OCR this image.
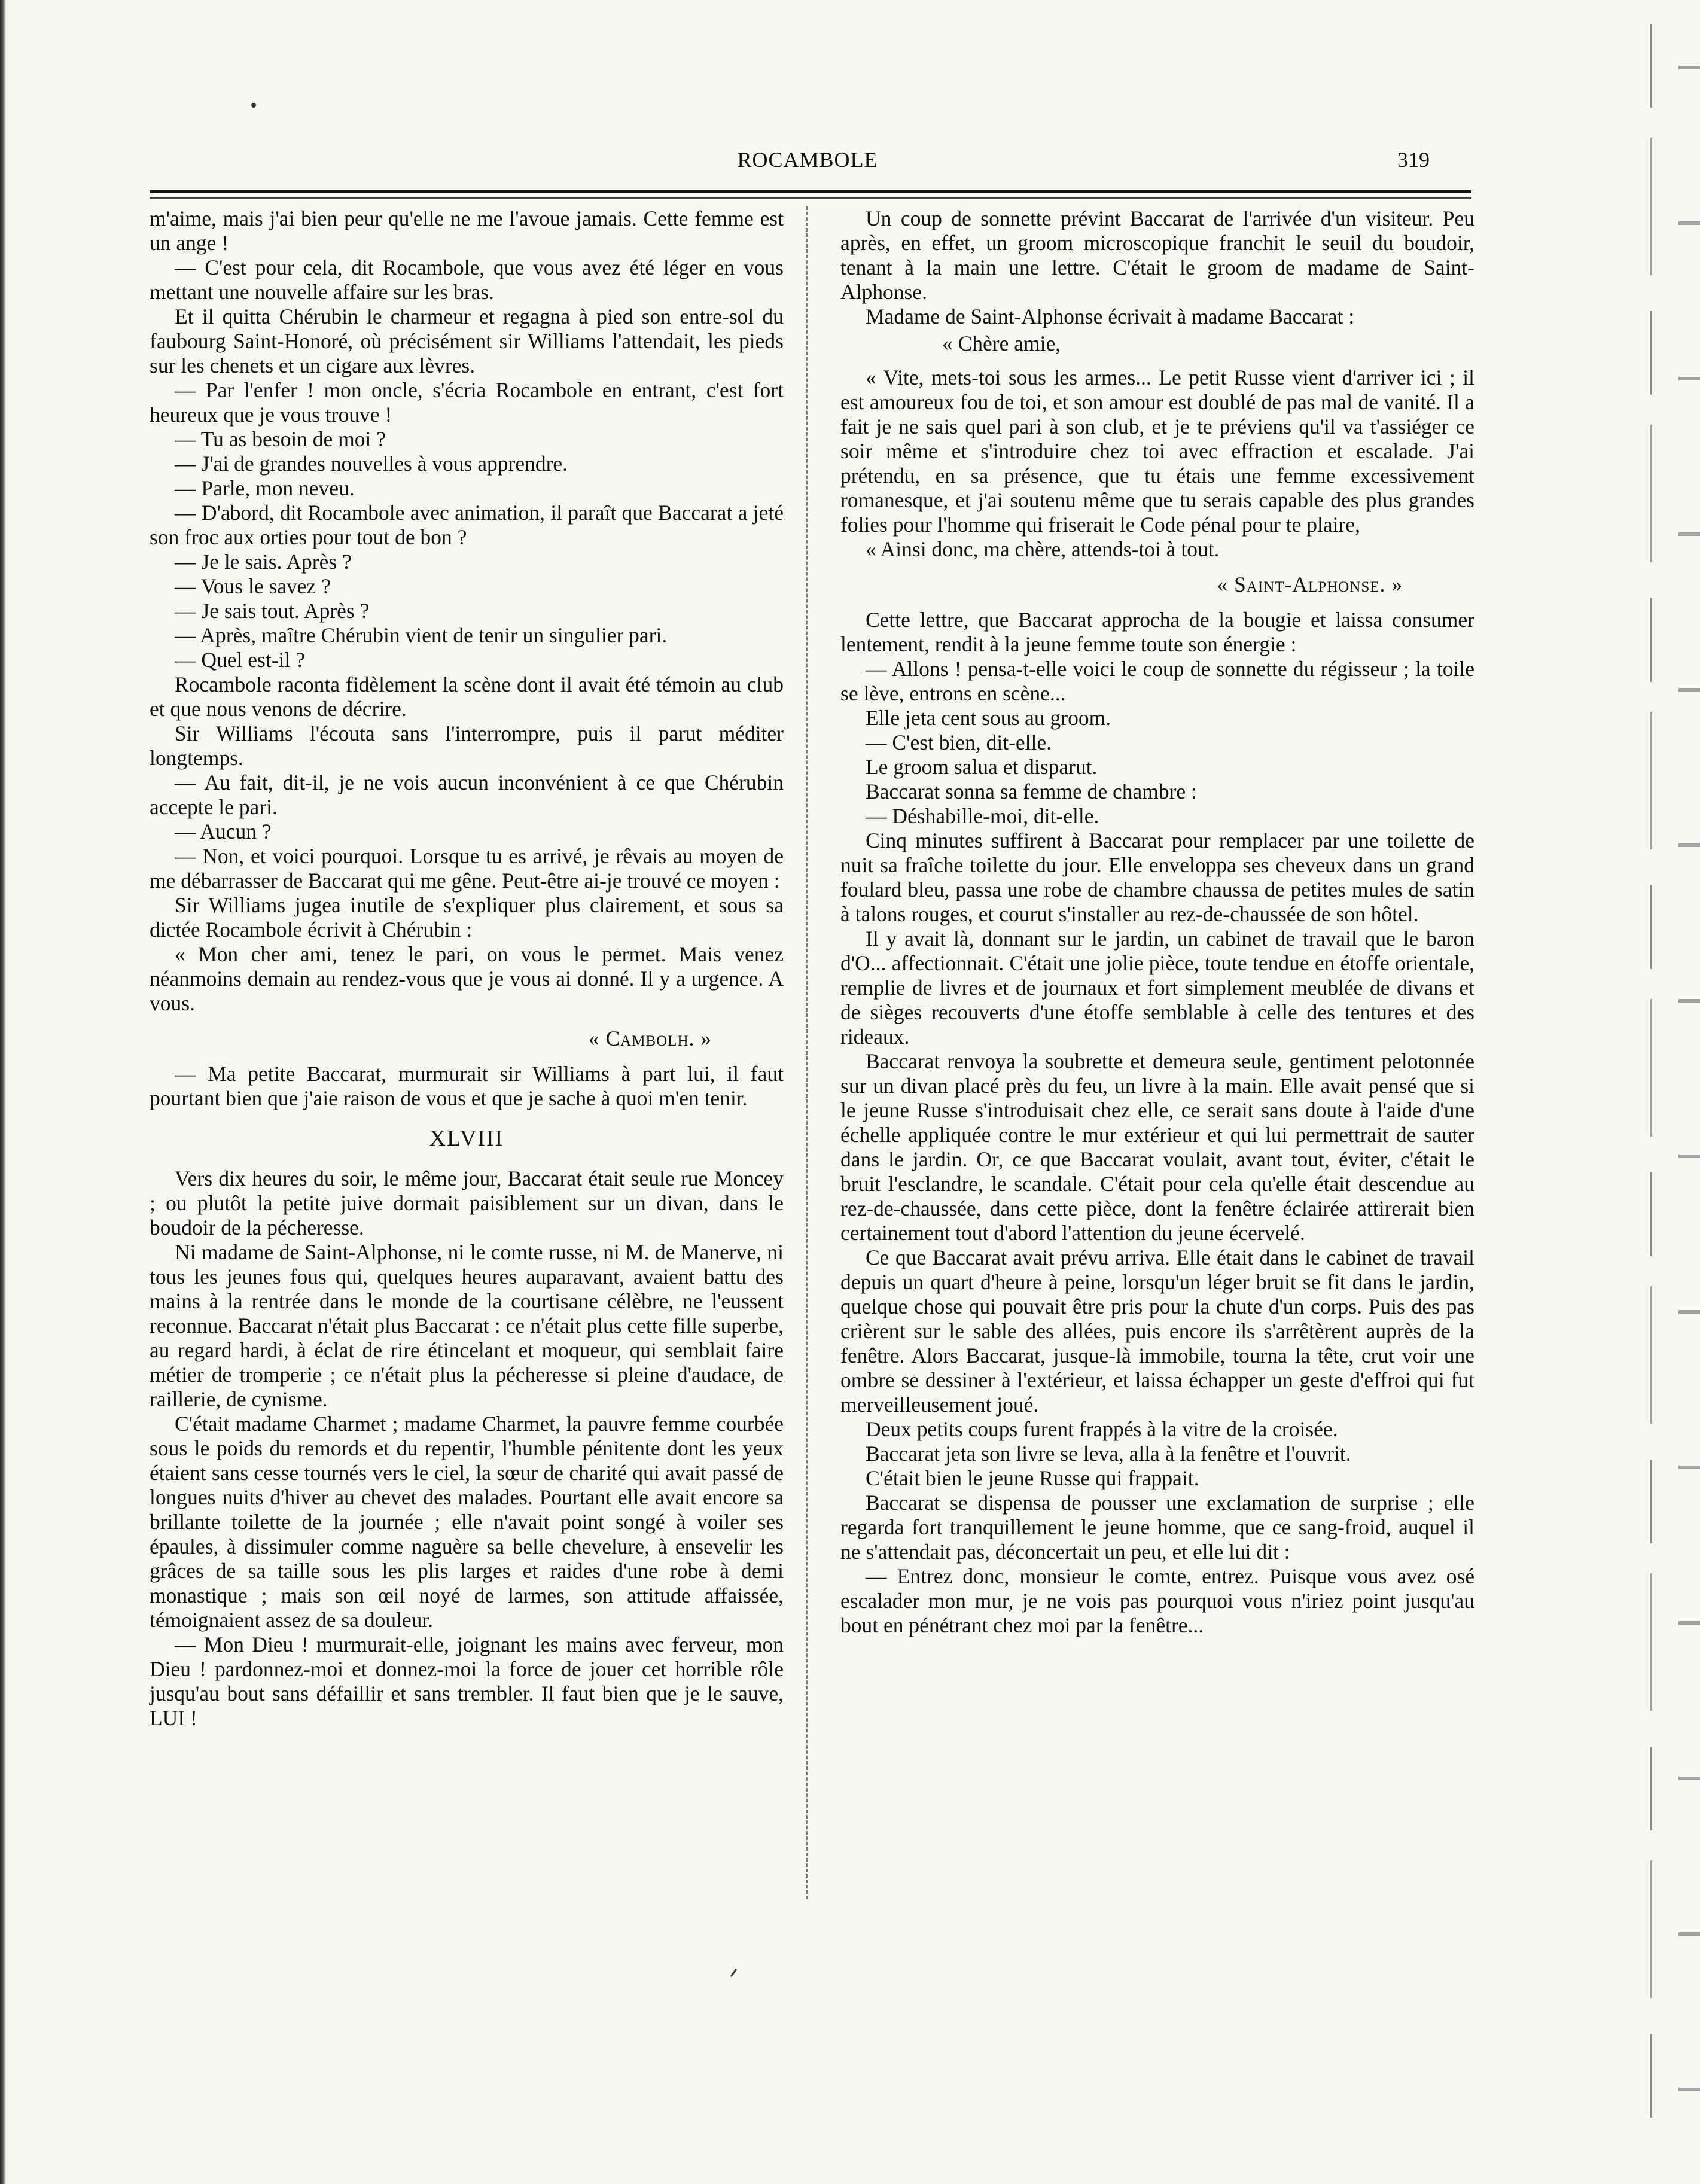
ROCAMBOLE	319

m'aime, mais j'ai bien peur qu'elle ne me l'avoue jamais. Cette femme est un ange !

— C'est pour cela, dit Rocambole, que vous avez été léger en vous mettant une nouvelle affaire sur les bras.

Et il quitta Chérubin le charmeur et regagna à pied son entre-sol du faubourg Saint-Honoré, où précisément sir Williams l'attendait, les pieds sur les chenets et un cigare aux lèvres.

— Par l'enfer ! mon oncle, s'écria Rocambole en entrant, c'est fort heureux que je vous trouve !

— Tu as besoin de moi ?

— J'ai de grandes nouvelles à vous apprendre.

— Parle, mon neveu.

— D'abord, dit Rocambole avec animation, il paraît que Baccarat a jeté son froc aux orties pour tout de bon ?

— Je le sais. Après ?

— Vous le savez ?

— Je sais tout. Après ?

— Après, maître Chérubin vient de tenir un singulier pari.

— Quel est-il ?

Rocambole raconta fidèlement la scène dont il avait été témoin au club et que nous venons de décrire.

Sir Williams l'écouta sans l'interrompre, puis il parut méditer longtemps.

— Au fait, dit-il, je ne vois aucun inconvénient à ce que Chérubin accepte le pari.

— Aucun ?

— Non, et voici pourquoi. Lorsque tu es arrivé, je rêvais au moyen de me débarrasser de Baccarat qui me gêne. Peut-être ai-je trouvé ce moyen :

Sir Williams jugea inutile de s'expliquer plus clairement, et sous sa dictée Rocambole écrivit à Chérubin :

« Mon cher ami, tenez le pari, on vous le permet. Mais venez néanmoins demain au rendez-vous que je vous ai donné. Il y a urgence. A vous.

« Cambolh. »

— Ma petite Baccarat, murmurait sir Williams à part lui, il faut pourtant bien que j'aie raison de vous et que je sache à quoi m'en tenir.

XLVIII

Vers dix heures du soir, le même jour, Baccarat était seule rue Moncey ; ou plutôt la petite juive dormait paisiblement sur un divan, dans le boudoir de la pécheresse.

Ni madame de Saint-Alphonse, ni le comte russe, ni M. de Manerve, ni tous les jeunes fous qui, quelques heures auparavant, avaient battu des mains à la rentrée dans le monde de la courtisane célèbre, ne l'eussent reconnue. Baccarat n'était plus Baccarat : ce n'était plus cette fille superbe, au regard hardi, à éclat de rire étincelant et moqueur, qui semblait faire métier de tromperie ; ce n'était plus la pécheresse si pleine d'audace, de raillerie, de cynisme.

C'était madame Charmet ; madame Charmet, la pauvre femme courbée sous le poids du remords et du repentir, l'humble pénitente dont les yeux étaient sans cesse tournés vers le ciel, la sœur de charité qui avait passé de longues nuits d'hiver au chevet des malades. Pourtant elle avait encore sa brillante toilette de la journée ; elle n'avait point songé à voiler ses épaules, à dissimuler comme naguère sa belle chevelure, à ensevelir les grâces de sa taille sous les plis larges et raides d'une robe à demi monastique ; mais son œil noyé de larmes, son attitude affaissée, témoignaient assez de sa douleur.

— Mon Dieu ! murmurait-elle, joignant les mains avec ferveur, mon Dieu ! pardonnez-moi et donnez-moi la force de jouer cet horrible rôle jusqu'au bout sans défaillir et sans trembler. Il faut bien que je le sauve, LUI !

Un coup de sonnette prévint Baccarat de l'arrivée d'un visiteur. Peu après, en effet, un groom microscopique franchit le seuil du boudoir, tenant à la main une lettre. C'était le groom de madame de Saint-Alphonse.

Madame de Saint-Alphonse écrivait à madame Baccarat :

« Chère amie,

« Vite, mets-toi sous les armes... Le petit Russe vient d'arriver ici ; il est amoureux fou de toi, et son amour est doublé de pas mal de vanité. Il a fait je ne sais quel pari à son club, et je te préviens qu'il va t'assiéger ce soir même et s'introduire chez toi avec effraction et escalade. J'ai prétendu, en sa présence, que tu étais une femme excessivement romanesque, et j'ai soutenu même que tu serais capable des plus grandes folies pour l'homme qui friserait le Code pénal pour te plaire,

« Ainsi donc, ma chère, attends-toi à tout.

« Saint-Alphonse. »

Cette lettre, que Baccarat approcha de la bougie et laissa consumer lentement, rendit à la jeune femme toute son énergie :

— Allons ! pensa-t-elle voici le coup de sonnette du régisseur ; la toile se lève, entrons en scène...

Elle jeta cent sous au groom.

— C'est bien, dit-elle.

Le groom salua et disparut.

Baccarat sonna sa femme de chambre :

— Déshabille-moi, dit-elle.

Cinq minutes suffirent à Baccarat pour remplacer par une toilette de nuit sa fraîche toilette du jour. Elle enveloppa ses cheveux dans un grand foulard bleu, passa une robe de chambre chaussa de petites mules de satin à talons rouges, et courut s'installer au rez-de-chaussée de son hôtel.

Il y avait là, donnant sur le jardin, un cabinet de travail que le baron d'O... affectionnait. C'était une jolie pièce, toute tendue en étoffe orientale, remplie de livres et de journaux et fort simplement meublée de divans et de sièges recouverts d'une étoffe semblable à celle des tentures et des rideaux.

Baccarat renvoya la soubrette et demeura seule, gentiment pelotonnée sur un divan placé près du feu, un livre à la main. Elle avait pensé que si le jeune Russe s'introduisait chez elle, ce serait sans doute à l'aide d'une échelle appliquée contre le mur extérieur et qui lui permettrait de sauter dans le jardin. Or, ce que Baccarat voulait, avant tout, éviter, c'était le bruit l'esclandre, le scandale. C'était pour cela qu'elle était descendue au rez-de-chaussée, dans cette pièce, dont la fenêtre éclairée attirerait bien certainement tout d'abord l'attention du jeune écervelé.

Ce que Baccarat avait prévu arriva. Elle était dans le cabinet de travail depuis un quart d'heure à peine, lorsqu'un léger bruit se fit dans le jardin, quelque chose qui pouvait être pris pour la chute d'un corps. Puis des pas crièrent sur le sable des allées, puis encore ils s'arrêtèrent auprès de la fenêtre. Alors Baccarat, jusque-là immobile, tourna la tête, crut voir une ombre se dessiner à l'extérieur, et laissa échapper un geste d'effroi qui fut merveilleusement joué.

Deux petits coups furent frappés à la vitre de la croisée.

Baccarat jeta son livre se leva, alla à la fenêtre et l'ouvrit.

C'était bien le jeune Russe qui frappait.

Baccarat se dispensa de pousser une exclamation de surprise ; elle regarda fort tranquillement le jeune homme, que ce sang-froid, auquel il ne s'attendait pas, déconcertait un peu, et elle lui dit :

— Entrez donc, monsieur le comte, entrez. Puisque vous avez osé escalader mon mur, je ne vois pas pourquoi vous n'iriez point jusqu'au bout en pénétrant chez moi par la fenêtre...
